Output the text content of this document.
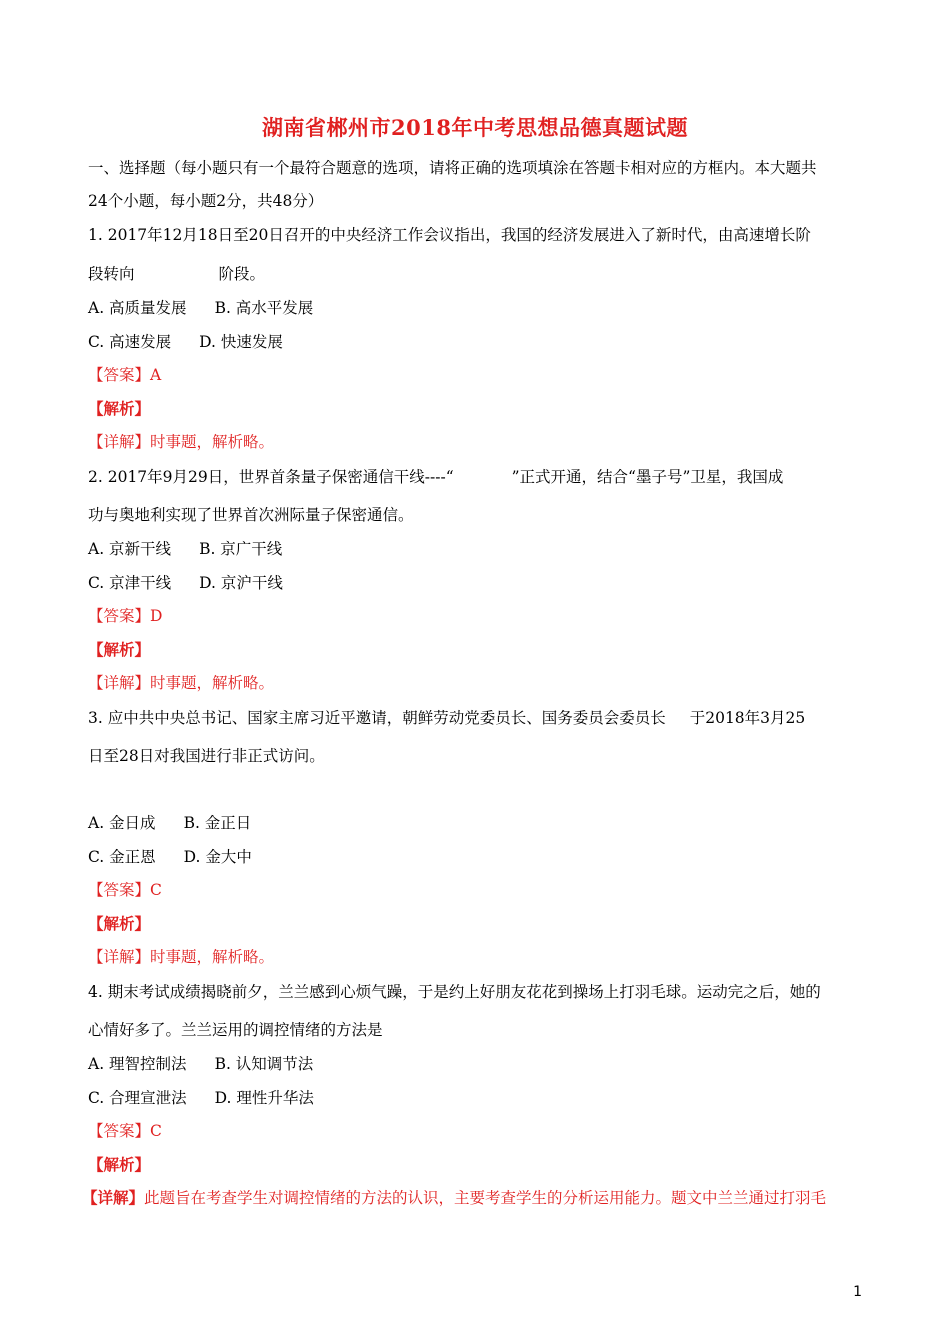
湖南省郴州市2018年中考思想品德真题试题
一、选择题（每小题只有一个最符合题意的选项，请将正确的选项填涂在答题卡相对应的方框内。本大题共
24个小题，每小题2分，共48分）
1. 2017年12月18日至20日召开的中央经济工作会议指出，我国的经济发展进入了新时代，由高速增长阶
段转向	阶段。
A. 高质量发展 B. 高水平发展
C. 高速发展 D. 快速发展
【答案】A
【解析】
【详解】时事题，解析略。
2. 2017年9月29日，世界首条量子保密通信干线----“	”正式开通，结合“墨子号”卫星，我国成
功与奥地利实现了世界首次洲际量子保密通信。
A. 京新干线 B. 京广干线
C. 京津干线 D. 京沪干线
【答案】D
【解析】
【详解】时事题，解析略。
3. 应中共中央总书记、国家主席习近平邀请，朝鲜劳动党委员长、国务委员会委员长 于2018年3月25
日至28日对我国进行非正式访问。
A. 金日成 B. 金正日
C. 金正恩 D. 金大中
【答案】C
【解析】
【详解】时事题，解析略。
4. 期末考试成绩揭晓前夕，兰兰感到心烦气躁，于是约上好朋友花花到操场上打羽毛球。运动完之后，她的
心情好多了。兰兰运用的调控情绪的方法是
A. 理智控制法 B. 认知调节法
C. 合理宣泄法 D. 理性升华法
【答案】C
【解析】
【详解】此题旨在考查学生对调控情绪的方法的认识，主要考查学生的分析运用能力。题文中兰兰通过打羽毛
1
